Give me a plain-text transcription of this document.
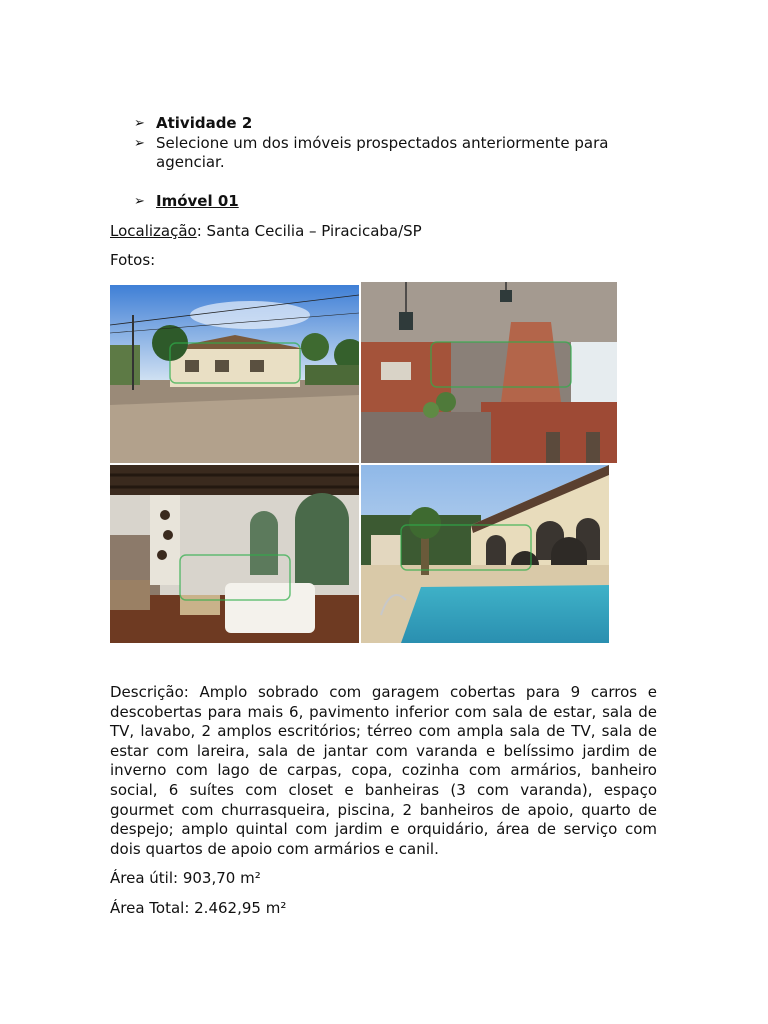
➢ Atividade 2
➢ Selecione um dos imóveis prospectados anteriormente para agenciar.
➢ Imóvel 01
Localização: Santa Cecilia – Piracicaba/SP
Fotos:
Descrição: Amplo sobrado com garagem cobertas para 9 carros e descobertas para mais 6, pavimento inferior com sala de estar, sala de TV, lavabo, 2 amplos escritórios; térreo com ampla sala de TV, sala de estar com lareira, sala de jantar com varanda e belíssimo jardim de inverno com lago de carpas, copa, cozinha com armários, banheiro social, 6 suítes com closet e banheiras (3 com varanda), espaço gourmet com churrasqueira, piscina, 2 banheiros de apoio, quarto de despejo; amplo quintal com jardim e orquidário, área de serviço com dois quartos de apoio com armários e canil.
Área útil: 903,70 m²
Área Total: 2.462,95 m²
